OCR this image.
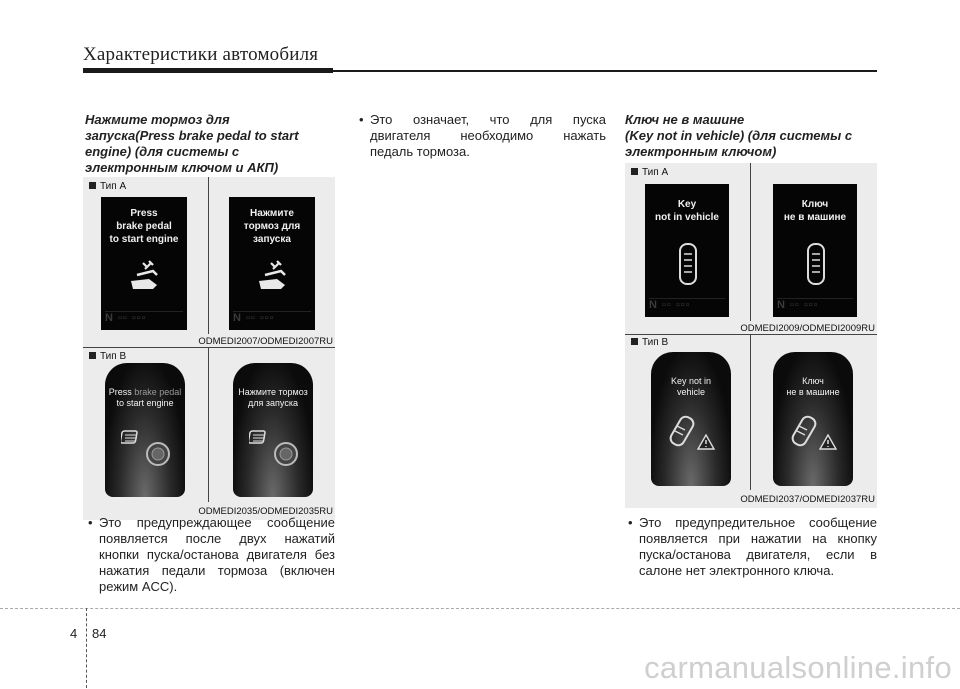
Характеристики автомобиля
Нажмите тормоз для
запуска(Press brake pedal to start
engine) (для системы с
электронным ключом и АКП)
Тип A
Press
brake pedal
to start engine
N ▫▫ ▫▫▫
Нажмите
тормоз для
запуска
N ▫▫ ▫▫▫
ODMEDI2007/ODMEDI2007RU
Тип B
Press brake pedal
to start engine
Нажмите тормоз
для запуска
ODMEDI2035/ODMEDI2035RU
• Это предупреждающее сообщение
появляется после двух нажатий
кнопки пуска/останова двигателя без
нажатия педали тормоза (включен
режим ACC).
• Это означает, что для пуска
двигателя необходимо нажать
педаль тормоза.
Ключ не в машине
(Key not in vehicle) (для системы с
электронным ключом)
Тип A
Key
not in vehicle
N ▫▫ ▫▫▫
Ключ
не в машине
N ▫▫ ▫▫▫
ODMEDI2009/ODMEDI2009RU
Тип B
Key not in
vehicle
Ключ
не в машине
ODMEDI2037/ODMEDI2037RU
• Это предупредительное сообщение
появляется при нажатии на кнопку
пуска/останова двигателя, если в
салоне нет электронного ключа.
4 84
carmanualsonline.info
